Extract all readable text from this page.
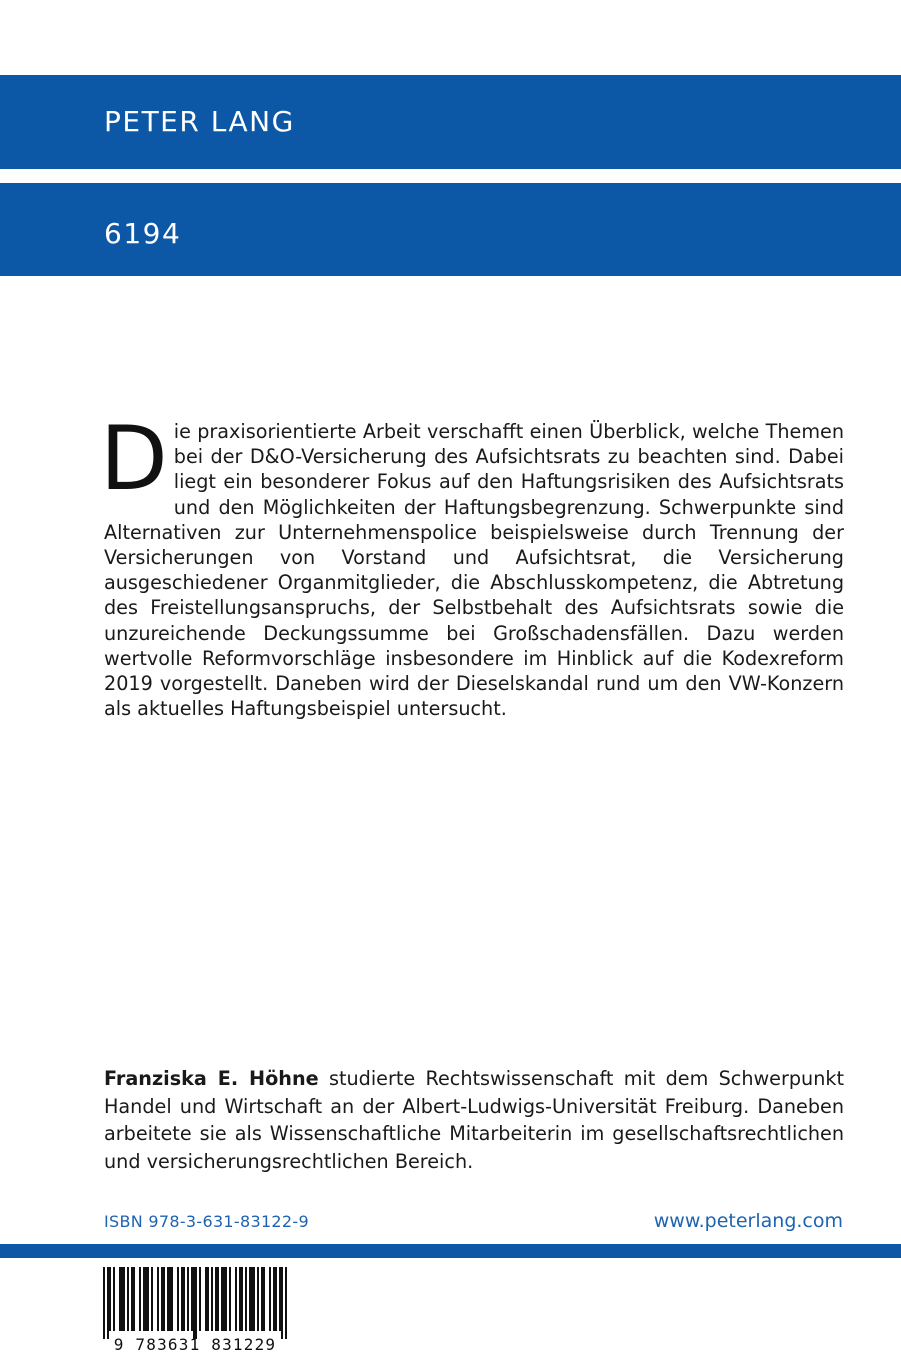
PETER LANG
6194

Die praxisorientierte Arbeit verschafft einen Überblick, welche Themen bei der D&O-Versicherung des Aufsichtsrats zu beachten sind. Dabei liegt ein besonderer Fokus auf den Haftungsrisiken des Aufsichtsrats und den Möglichkeiten der Haftungsbegrenzung. Schwerpunkte sind Alternativen zur Unternehmenspolice beispielsweise durch Trennung der Versicherungen von Vorstand und Aufsichtsrat, die Versicherung ausgeschiedener Organmitglieder, die Abschlusskompetenz, die Abtretung des Freistellungsanspruchs, der Selbstbehalt des Aufsichtsrats sowie die unzureichende Deckungssumme bei Großschadensfällen. Dazu werden wertvolle Reformvorschläge insbesondere im Hinblick auf die Kodexreform 2019 vorgestellt. Daneben wird der Dieselskandal rund um den VW-Konzern als aktuelles Haftungsbeispiel untersucht.

Franziska E. Höhne studierte Rechtswissenschaft mit dem Schwerpunkt Handel und Wirtschaft an der Albert-Ludwigs-Universität Freiburg. Daneben arbeitete sie als Wissenschaftliche Mitarbeiterin im gesellschaftsrechtlichen und versicherungsrechtlichen Bereich.

ISBN 978-3-631-83122-9	www.peterlang.com
9 783631 831229
